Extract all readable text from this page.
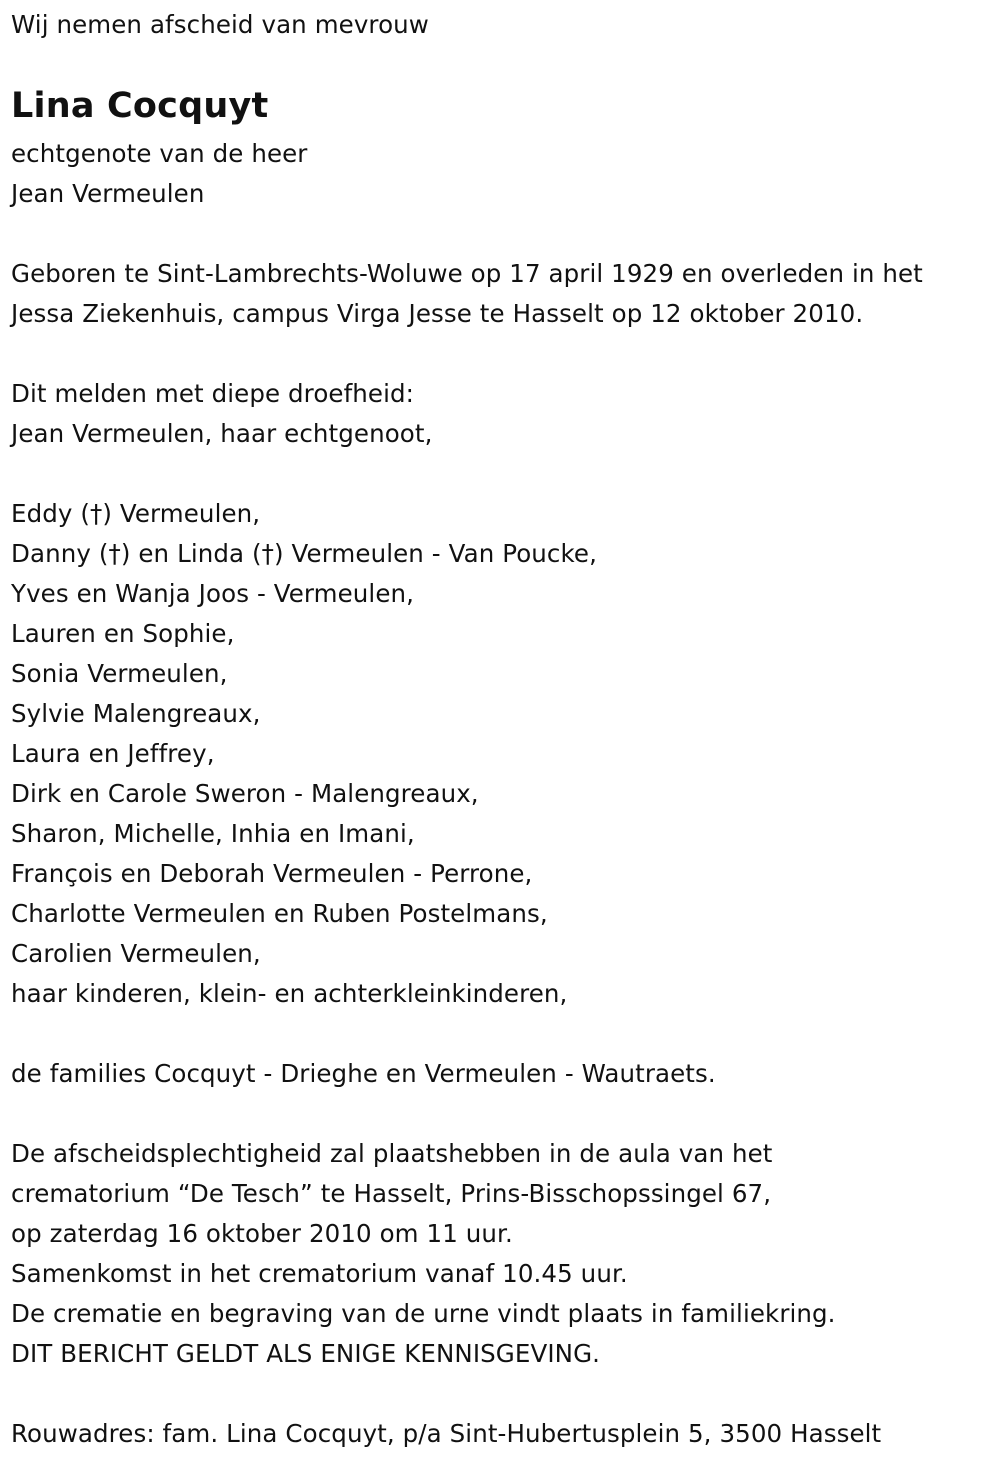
Wij nemen afscheid van mevrouw
Lina Cocquyt
echtgenote van de heer
Jean Vermeulen
Geboren te Sint-Lambrechts-Woluwe op 17 april 1929 en overleden in het
Jessa Ziekenhuis, campus Virga Jesse te Hasselt op 12 oktober 2010.
Dit melden met diepe droefheid:
Jean Vermeulen, haar echtgenoot,
Eddy (†) Vermeulen,
Danny (†) en Linda (†) Vermeulen - Van Poucke,
Yves en Wanja Joos - Vermeulen,
Lauren en Sophie,
Sonia Vermeulen,
Sylvie Malengreaux,
Laura en Jeffrey,
Dirk en Carole Sweron - Malengreaux,
Sharon, Michelle, Inhia en Imani,
François en Deborah Vermeulen - Perrone,
Charlotte Vermeulen en Ruben Postelmans,
Carolien Vermeulen,
haar kinderen, klein- en achterkleinkinderen,
de families Cocquyt - Drieghe en Vermeulen - Wautraets.
De afscheidsplechtigheid zal plaatshebben in de aula van het
crematorium “De Tesch” te Hasselt, Prins-Bisschopssingel 67,
op zaterdag 16 oktober 2010 om 11 uur.
Samenkomst in het crematorium vanaf 10.45 uur.
De crematie en begraving van de urne vindt plaats in familiekring.
DIT BERICHT GELDT ALS ENIGE KENNISGEVING.
Rouwadres: fam. Lina Cocquyt, p/a Sint-Hubertusplein 5, 3500 Hasselt
